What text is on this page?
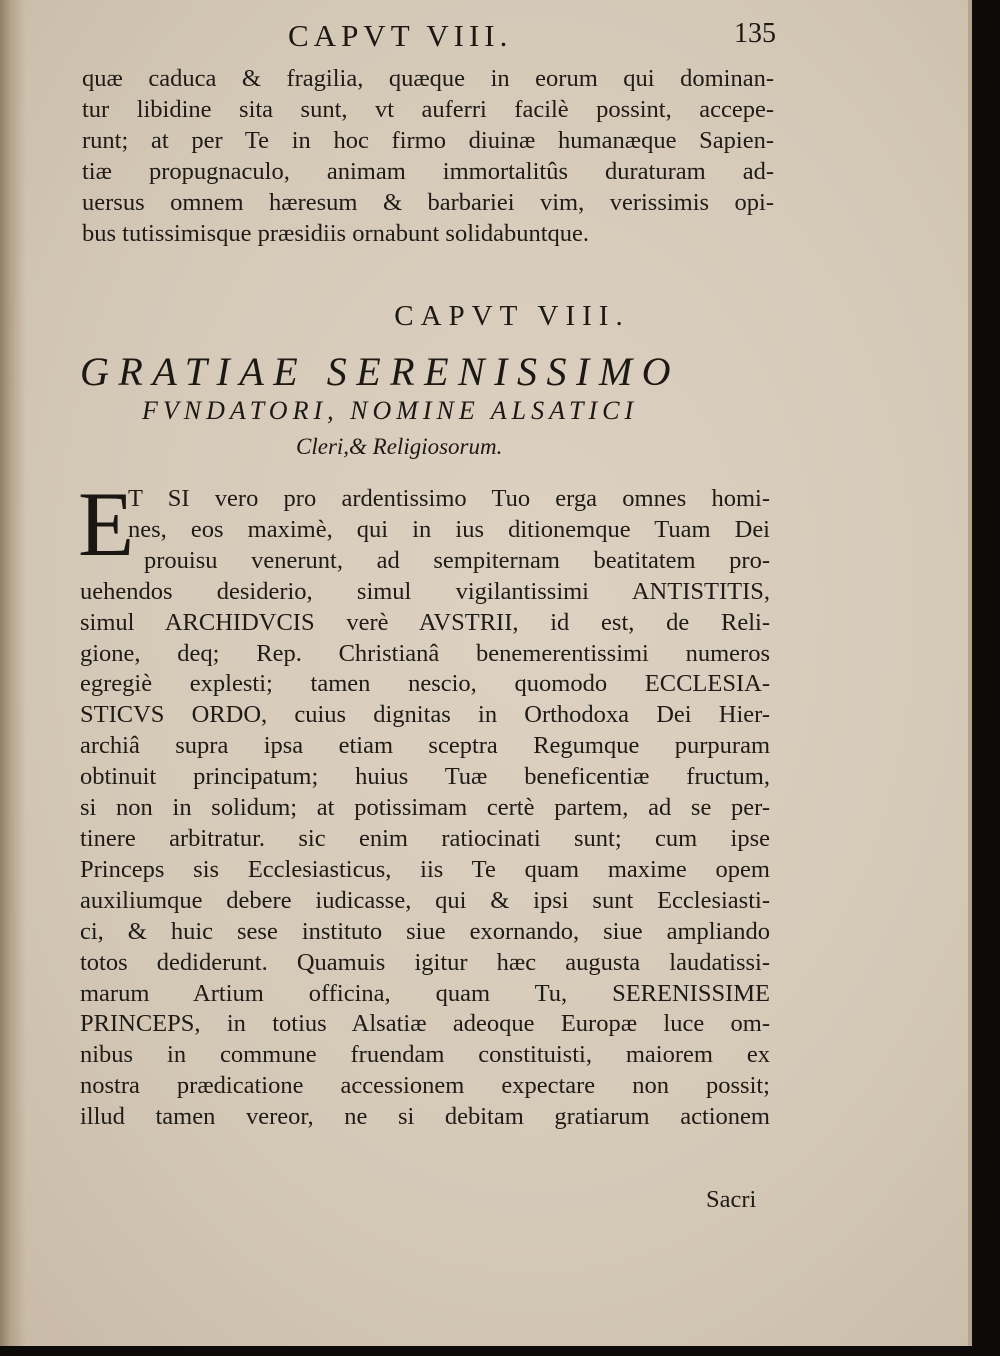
CAPVT VIII.	135
quæ caduca & fragilia, quæque in eorum qui dominan-
tur libidine sita sunt, vt auferri facilè possint, accepe-
runt; at per Te in hoc firmo diuinæ humanæque Sapien-
tiæ propugnaculo, animam immortalitûs duraturam ad-
uersus omnem hæresum & barbariei vim, verissimis opi-
bus tutissimisque præsidiis ornabunt solidabuntque.
CAPVT VIII.
GRATIAE SERENISSIMO
FVNDATORI, NOMINE ALSATICI
Cleri,& Religiosorum.
E
T SI vero pro ardentissimo Tuo erga omnes homi-
nes, eos maximè, qui in ius ditionemque Tuam Dei
prouisu venerunt, ad sempiternam beatitatem pro-
uehendos desiderio, simul vigilantissimi ANTISTITIS,
simul ARCHIDVCIS verè AVSTRII, id est, de Reli-
gione, deq; Rep. Christianâ benemerentissimi numeros
egregiè explesti; tamen nescio, quomodo ECCLESIA-
STICVS ORDO, cuius dignitas in Orthodoxa Dei Hier-
archiâ supra ipsa etiam sceptra Regumque purpuram
obtinuit principatum; huius Tuæ beneficentiæ fructum,
si non in solidum; at potissimam certè partem, ad se per-
tinere arbitratur. sic enim ratiocinati sunt; cum ipse
Princeps sis Ecclesiasticus, iis Te quam maxime opem
auxiliumque debere iudicasse, qui & ipsi sunt Ecclesiasti-
ci, & huic sese instituto siue exornando, siue ampliando
totos dediderunt. Quamuis igitur hæc augusta laudatissi-
marum Artium officina, quam Tu, SERENISSIME
PRINCEPS, in totius Alsatiæ adeoque Europæ luce om-
nibus in commune fruendam constituisti, maiorem ex
nostra prædicatione accessionem expectare non possit;
illud tamen vereor, ne si debitam gratiarum actionem
Sacri
